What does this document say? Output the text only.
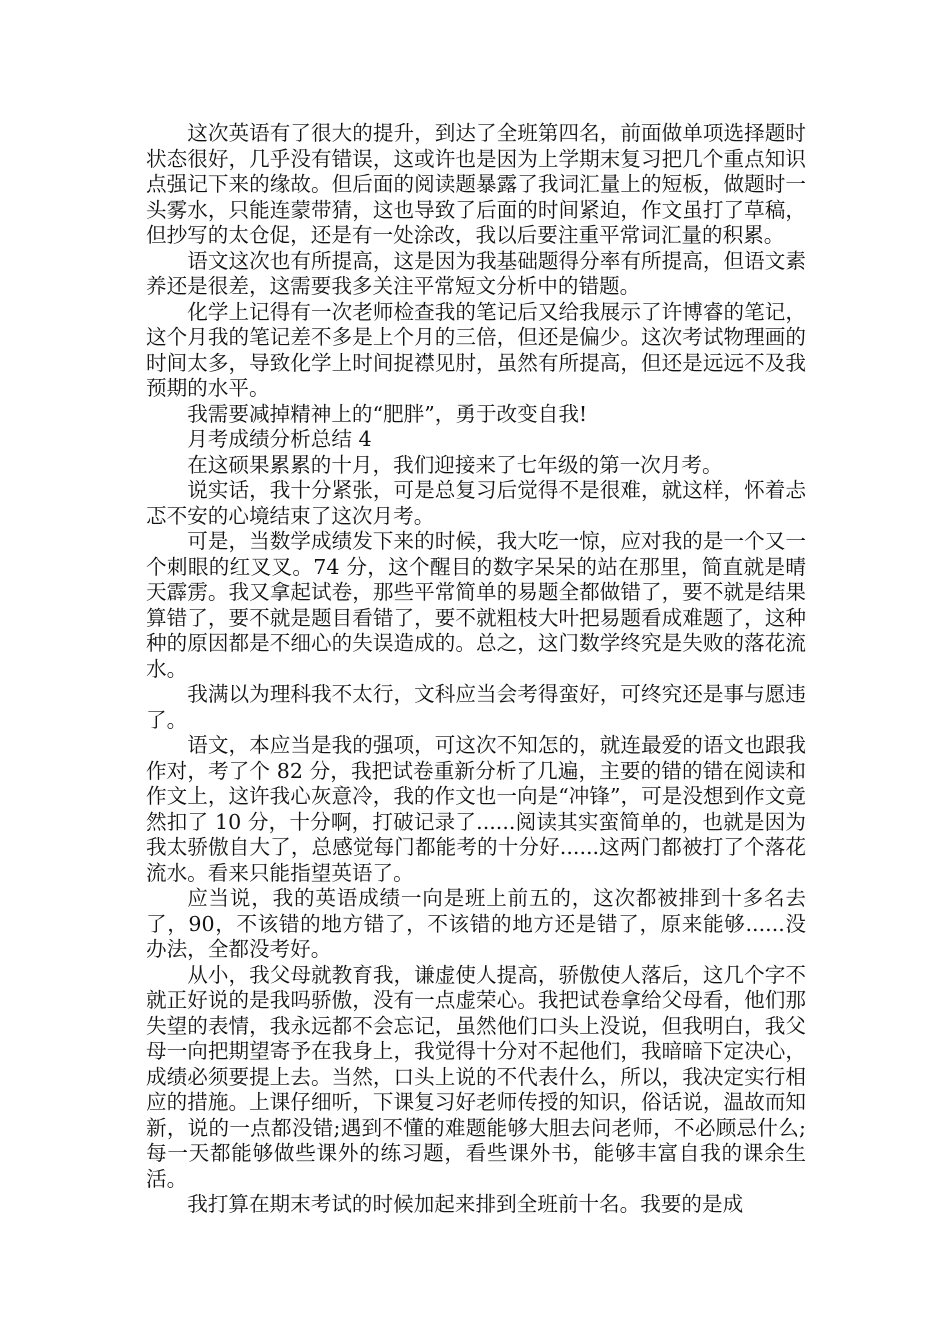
这次英语有了很大的提升，到达了全班第四名，前面做单项选择题时状态很好，几乎没有错误，这或许也是因为上学期末复习把几个重点知识点强记下来的缘故。但后面的阅读题暴露了我词汇量上的短板，做题时一头雾水，只能连蒙带猜，这也导致了后面的时间紧迫，作文虽打了草稿，但抄写的太仓促，还是有一处涂改，我以后要注重平常词汇量的积累。

语文这次也有所提高，这是因为我基础题得分率有所提高，但语文素养还是很差，这需要我多关注平常短文分析中的错题。

化学上记得有一次老师检查我的笔记后又给我展示了许博睿的笔记，这个月我的笔记差不多是上个月的三倍，但还是偏少。这次考试物理画的时间太多，导致化学上时间捉襟见肘，虽然有所提高，但还是远远不及我预期的水平。

我需要减掉精神上的“肥胖”，勇于改变自我!

月考成绩分析总结 4

在这硕果累累的十月，我们迎接来了七年级的第一次月考。

说实话，我十分紧张，可是总复习后觉得不是很难，就这样，怀着忐忑不安的心境结束了这次月考。

可是，当数学成绩发下来的时候，我大吃一惊，应对我的是一个又一个刺眼的红叉叉。74 分，这个醒目的数字呆呆的站在那里，简直就是晴天霹雳。我又拿起试卷，那些平常简单的易题全都做错了，要不就是结果算错了，要不就是题目看错了，要不就粗枝大叶把易题看成难题了，这种种的原因都是不细心的失误造成的。总之，这门数学终究是失败的落花流水。

我满以为理科我不太行，文科应当会考得蛮好，可终究还是事与愿违了。

语文，本应当是我的强项，可这次不知怎的，就连最爱的语文也跟我作对，考了个 82 分，我把试卷重新分析了几遍，主要的错的错在阅读和作文上，这许我心灰意冷，我的作文也一向是“冲锋”，可是没想到作文竟然扣了 10 分，十分啊，打破记录了......阅读其实蛮简单的，也就是因为我太骄傲自大了，总感觉每门都能考的十分好......这两门都被打了个落花流水。看来只能指望英语了。

应当说，我的英语成绩一向是班上前五的，这次都被排到十多名去了，90，不该错的地方错了，不该错的地方还是错了，原来能够......没办法，全都没考好。

从小，我父母就教育我，谦虚使人提高，骄傲使人落后，这几个字不就正好说的是我吗骄傲，没有一点虚荣心。我把试卷拿给父母看，他们那失望的表情，我永远都不会忘记，虽然他们口头上没说，但我明白，我父母一向把期望寄予在我身上，我觉得十分对不起他们，我暗暗下定决心，成绩必须要提上去。当然，口头上说的不代表什么，所以，我决定实行相应的措施。上课仔细听，下课复习好老师传授的知识，俗话说，温故而知新，说的一点都没错;遇到不懂的难题能够大胆去问老师，不必顾忌什么;每一天都能够做些课外的练习题，看些课外书，能够丰富自我的课余生活。

我打算在期末考试的时候加起来排到全班前十名。我要的是成
